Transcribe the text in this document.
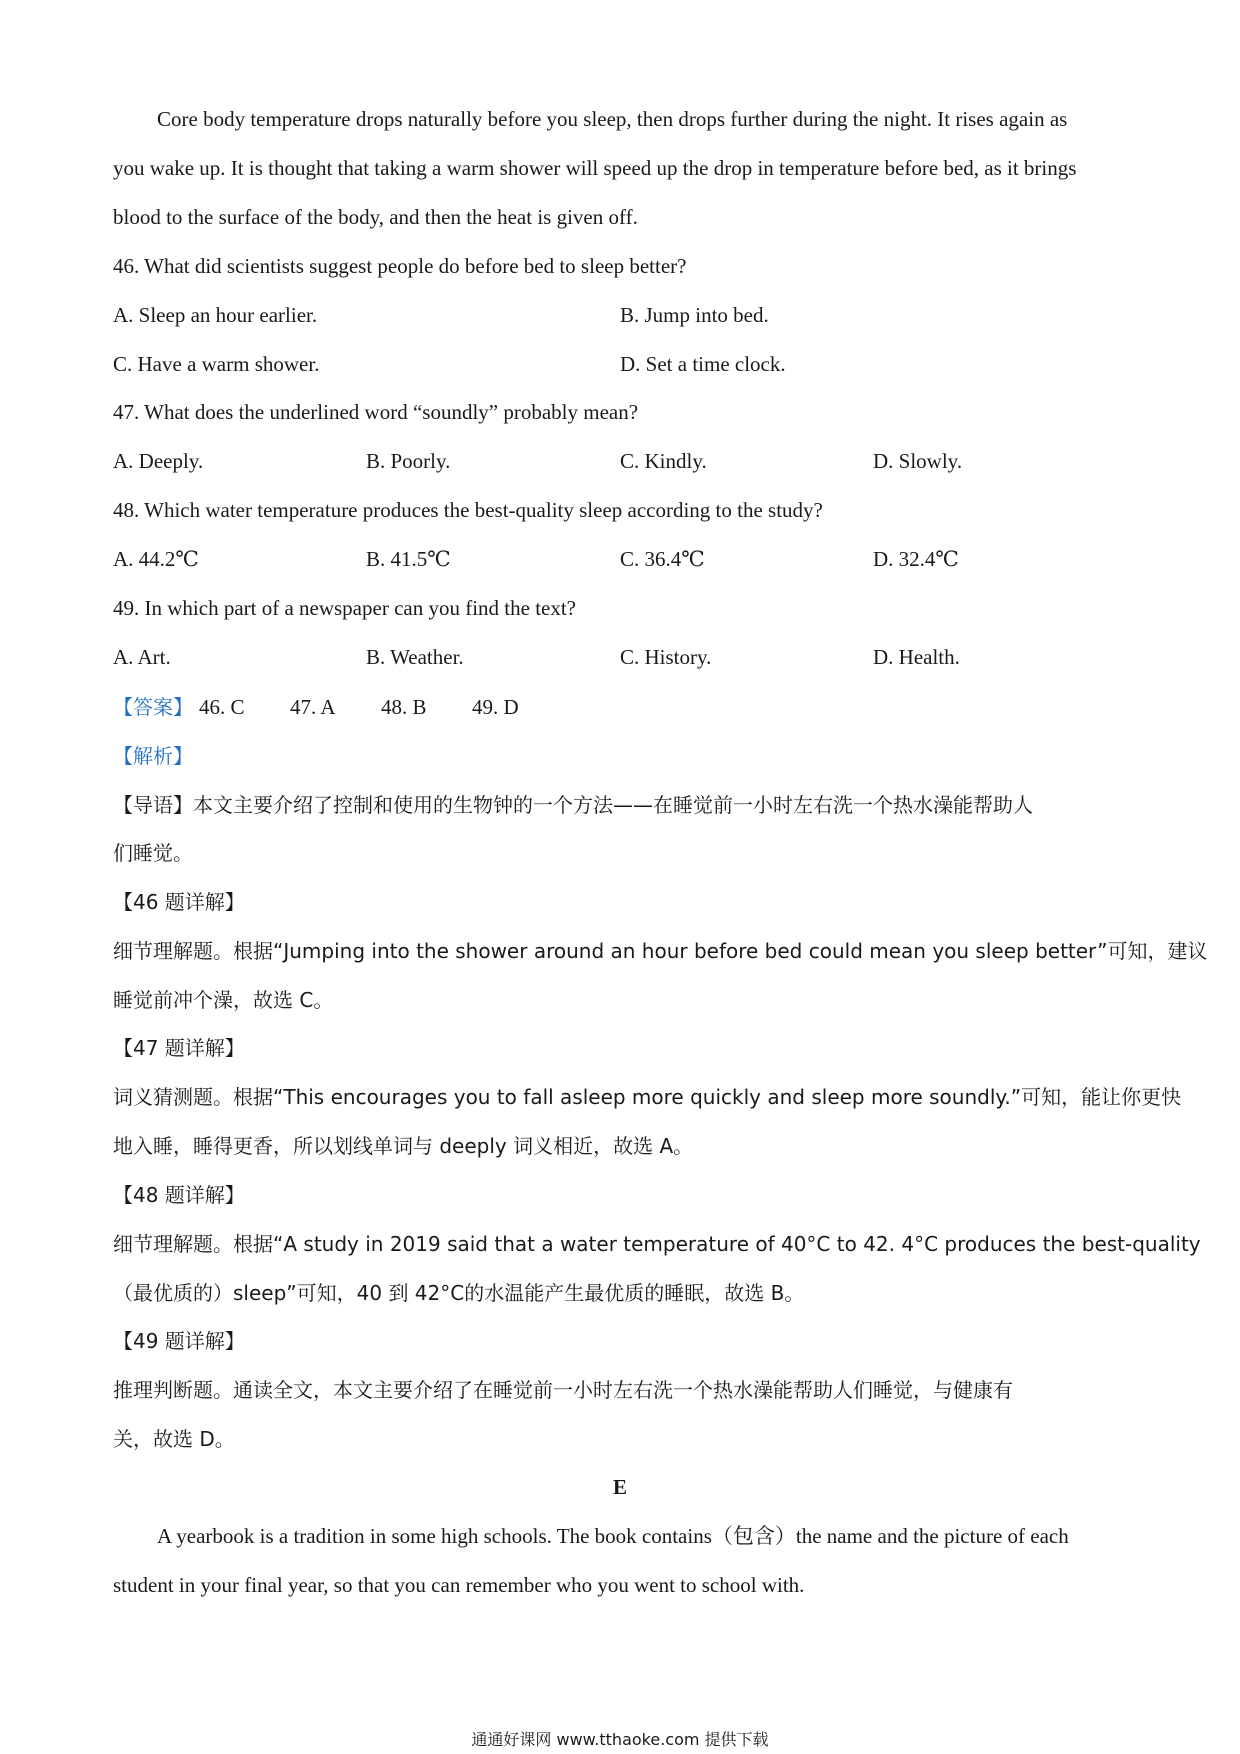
Core body temperature drops naturally before you sleep, then drops further during the night. It rises again as
you wake up. It is thought that taking a warm shower will speed up the drop in temperature before bed, as it brings
blood to the surface of the body, and then the heat is given off.
46. What did scientists suggest people do before bed to sleep better?
A. Sleep an hour earlier.	B. Jump into bed.
C. Have a warm shower.	D. Set a time clock.
47. What does the underlined word “soundly” probably mean?
A. Deeply.	B. Poorly.	C. Kindly.	D. Slowly.
48. Which water temperature produces the best-quality sleep according to the study?
A. 44.2℃	B. 41.5℃	C. 36.4℃	D. 32.4℃
49. In which part of a newspaper can you find the text?
A. Art.	B. Weather.	C. History.	D. Health.
【答案】 46. C 47. A 48. B 49. D
【解析】
【导语】本文主要介绍了控制和使用的生物钟的一个方法——在睡觉前一小时左右洗一个热水澡能帮助人
们睡觉。
【46 题详解】
细节理解题。根据“Jumping into the shower around an hour before bed could mean you sleep better”可知，建议
睡觉前冲个澡，故选 C。
【47 题详解】
词义猜测题。根据“This encourages you to fall asleep more quickly and sleep more soundly.”可知，能让你更快
地入睡，睡得更香，所以划线单词与 deeply 词义相近，故选 A。
【48 题详解】
细节理解题。根据“A study in 2019 said that a water temperature of 40°C to 42. 4°C produces the best-quality
（最优质的）sleep”可知，40 到 42°C的水温能产生最优质的睡眠，故选 B。
【49 题详解】
推理判断题。通读全文，本文主要介绍了在睡觉前一小时左右洗一个热水澡能帮助人们睡觉，与健康有
关，故选 D。
E
A yearbook is a tradition in some high schools. The book contains（包含）the name and the picture of each
student in your final year, so that you can remember who you went to school with.
通通好课网 www.tthaoke.com 提供下载
